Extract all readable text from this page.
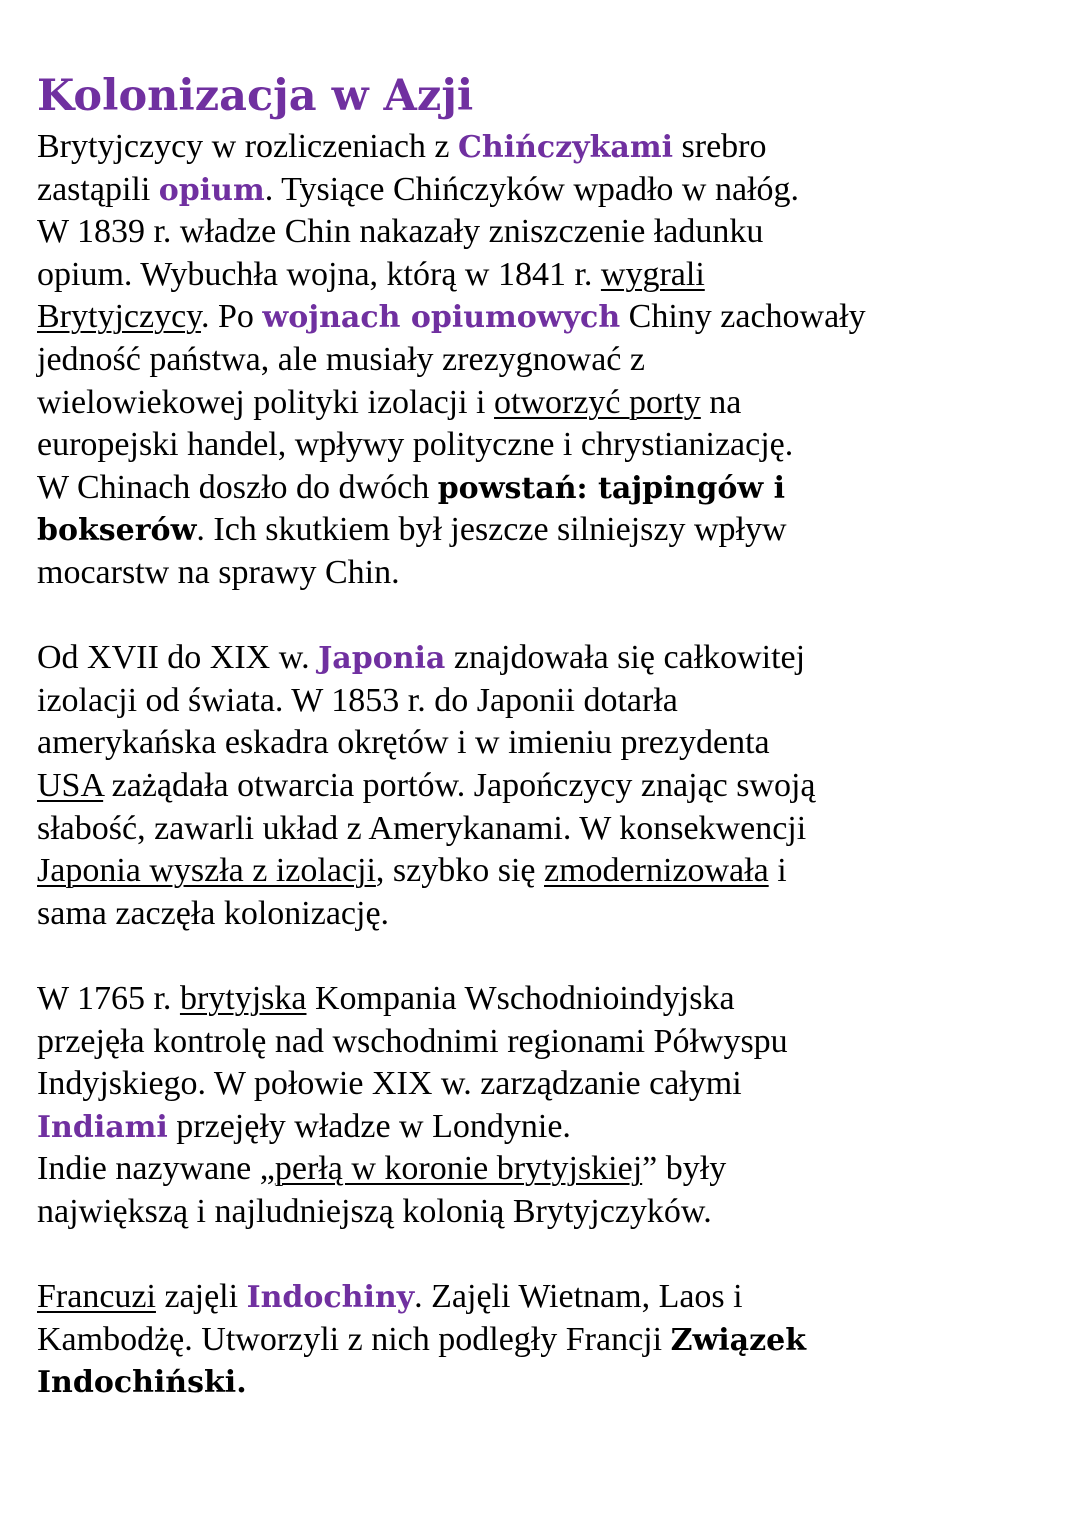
Kolonizacja w Azji
Brytyjczycy w rozliczeniach z Chińczykami srebro
zastąpili opium. Tysiące Chińczyków wpadło w nałóg.
W 1839 r. władze Chin nakazały zniszczenie ładunku
opium. Wybuchła wojna, którą w 1841 r. wygrali
Brytyjczycy. Po wojnach opiumowych Chiny zachowały
jedność państwa, ale musiały zrezygnować z
wielowiekowej polityki izolacji i otworzyć porty na
europejski handel, wpływy polityczne i chrystianizację.
W Chinach doszło do dwóch powstań: tajpingów i
bokserów. Ich skutkiem był jeszcze silniejszy wpływ
mocarstw na sprawy Chin.
Od XVII do XIX w. Japonia znajdowała się całkowitej
izolacji od świata. W 1853 r. do Japonii dotarła
amerykańska eskadra okrętów i w imieniu prezydenta
USA zażądała otwarcia portów. Japończycy znając swoją
słabość, zawarli układ z Amerykanami. W konsekwencji
Japonia wyszła z izolacji, szybko się zmodernizowała i
sama zaczęła kolonizację.
W 1765 r. brytyjska Kompania Wschodnioindyjska
przejęła kontrolę nad wschodnimi regionami Półwyspu
Indyjskiego. W połowie XIX w. zarządzanie całymi
Indiami przejęły władze w Londynie.
Indie nazywane „perłą w koronie brytyjskiej” były
największą i najludniejszą kolonią Brytyjczyków.
Francuzi zajęli Indochiny. Zajęli Wietnam, Laos i
Kambodżę. Utworzyli z nich podległy Francji Związek
Indochiński.
